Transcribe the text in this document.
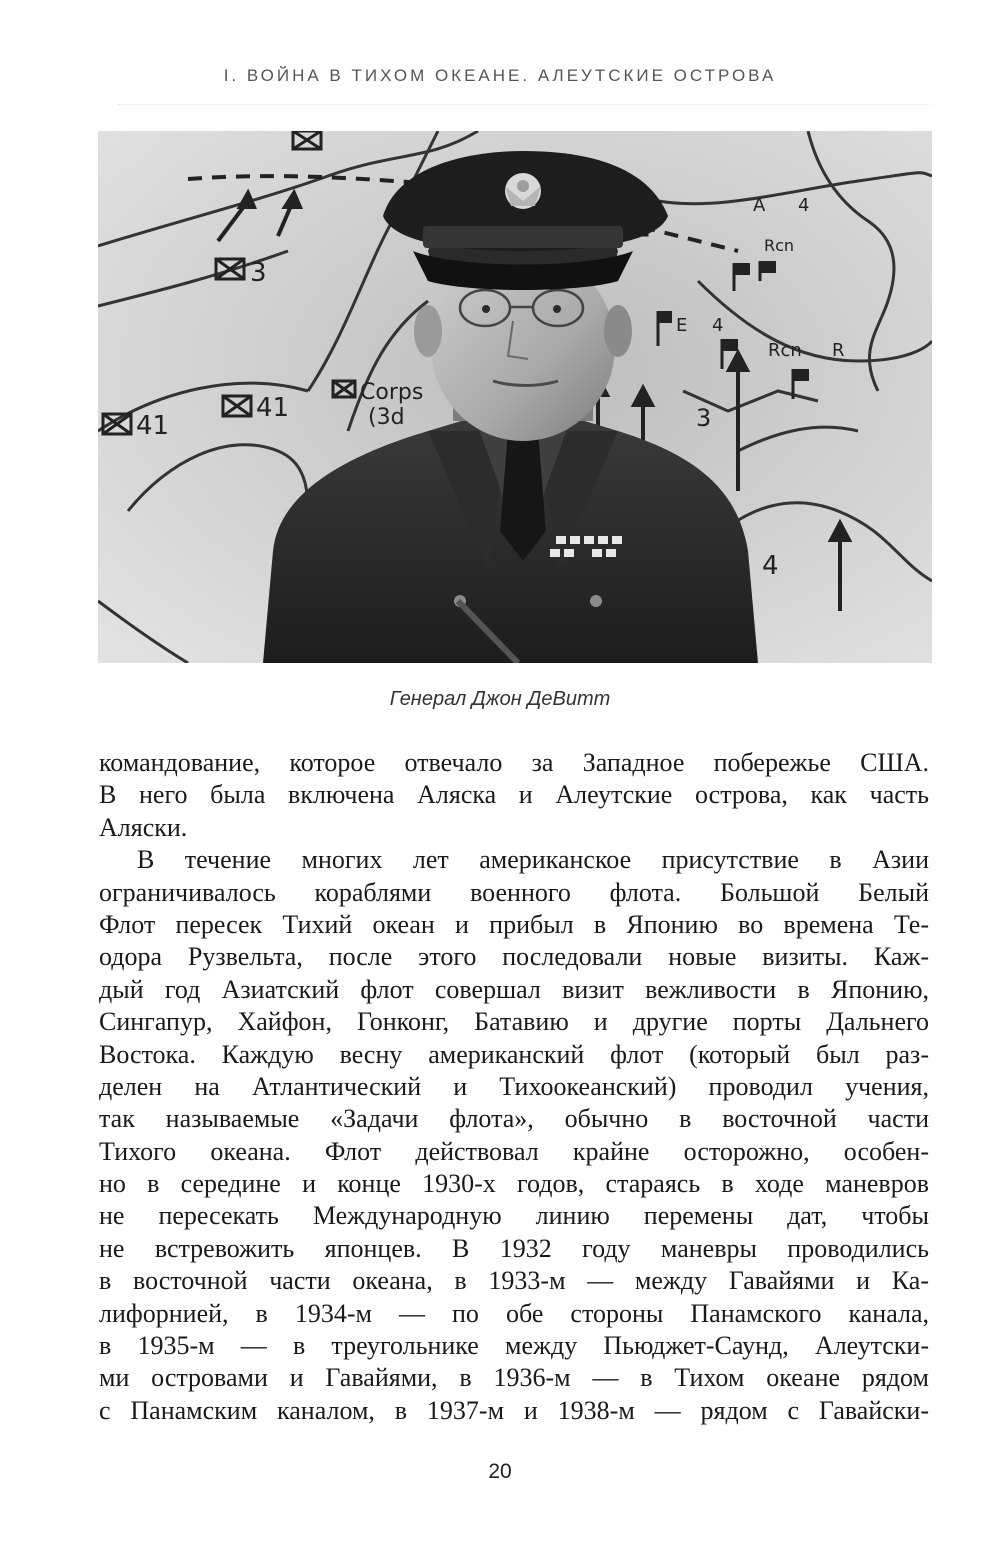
I. ВОЙНА В ТИХОМ ОКЕАНЕ. АЛЕУТСКИЕ ОСТРОВА
3
41
41
Corps
(3d
A 4
Rcn
E 4
Rcn R
3
4
Генерал Джон ДеВитт
командование, которое отвечало за Западное побережье США.
В него была включена Аляска и Алеутские острова, как часть
Аляски.
В течение многих лет американское присутствие в Азии
ограничивалось кораблями военного флота. Большой Белый
Флот пересек Тихий океан и прибыл в Японию во времена Те-
одора Рузвельта, после этого последовали новые визиты. Каж-
дый год Азиатский флот совершал визит вежливости в Японию,
Сингапур, Хайфон, Гонконг, Батавию и другие порты Дальнего
Востока. Каждую весну американский флот (который был раз-
делен на Атлантический и Тихоокеанский) проводил учения,
так называемые «Задачи флота», обычно в восточной части
Тихого океана. Флот действовал крайне осторожно, особен-
но в середине и конце 1930-х годов, стараясь в ходе маневров
не пересекать Международную линию перемены дат, чтобы
не встревожить японцев. В 1932 году маневры проводились
в восточной части океана, в 1933-м — между Гавайями и Ка-
лифорнией, в 1934-м — по обе стороны Панамского канала,
в 1935-м — в треугольнике между Пьюджет-Саунд, Алеутски-
ми островами и Гавайями, в 1936-м — в Тихом океане рядом
с Панамским каналом, в 1937-м и 1938-м — рядом с Гавайски-
20
